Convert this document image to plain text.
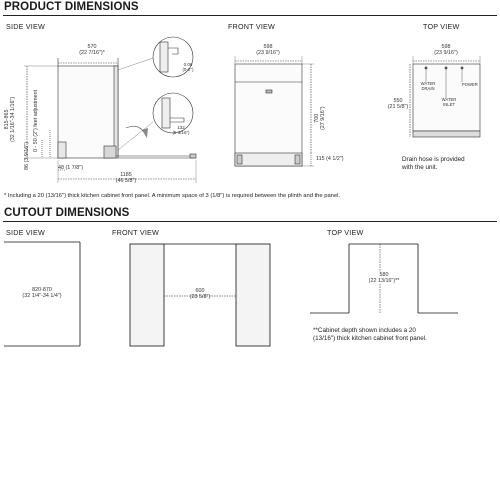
PRODUCT DIMENSIONS
SIDE VIEW	FRONT VIEW	TOP VIEW
CUTOUT DIMENSIONS
SIDE VIEW	FRONT VIEW	TOP VIEW
570
(22 7/16")*
815-865 (32 1/16"-34 1/16")	0 - 50 (2") feet adjustment
86 (3 9/16")	48 (1 7/8")
1185
(46 5/8")
0.08
(0-2")
132
(5 3/16")
598
(23 9/16")
700 (27 9/16")
115 (4 1/2")
598
(23 9/16")
550
(21 5/8")
WATER DRAIN
POWER
WATER INLET
Drain hose is provided
with the unit.
* Including a 20 (13/16") thick kitchen cabinet front panel. A minimum space of 3 (1/8") is required between the plinth and the panel.
820-870
(32 1/4"-34 1/4")
600
(23 5/8")
580
(22 13/16")**
**Cabinet depth shown includes a 20
(13/16") thick kitchen cabinet front panel.
